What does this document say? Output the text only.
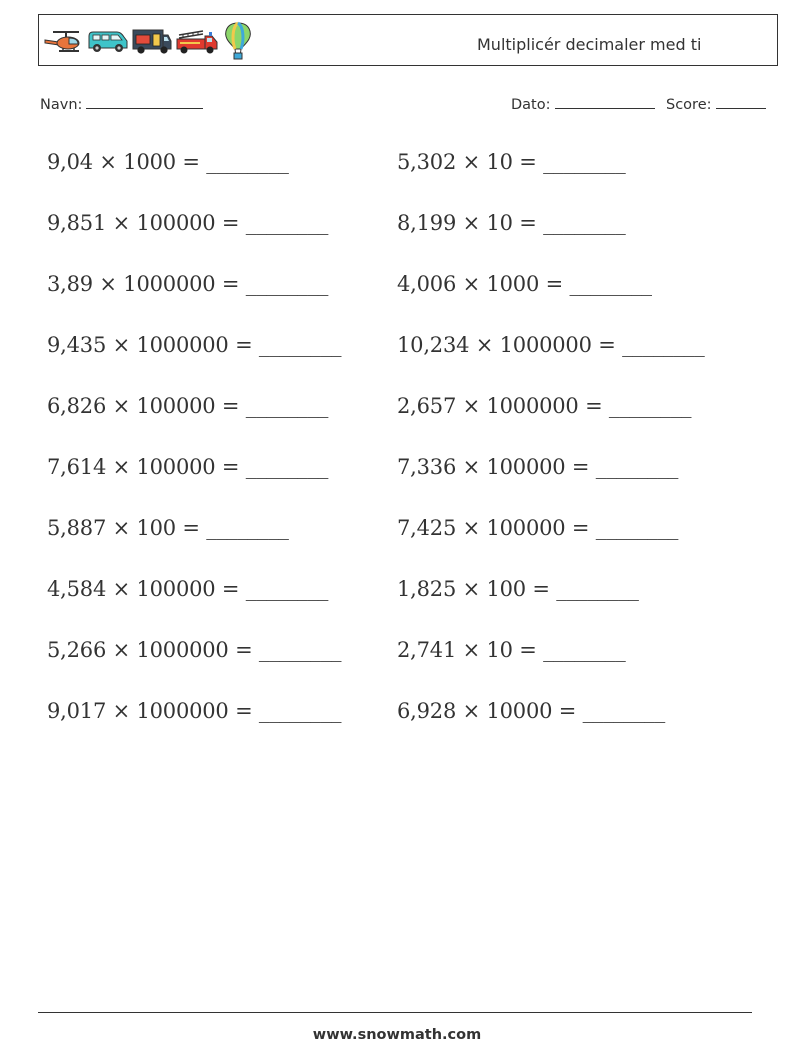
Multiplicér decimaler med ti
Navn:	Dato:	Score:
9,04 × 1000 = ________	5,302 × 10 = ________
9,851 × 100000 = ________	8,199 × 10 = ________
3,89 × 1000000 = ________	4,006 × 1000 = ________
9,435 × 1000000 = ________	10,234 × 1000000 = ________
6,826 × 100000 = ________	2,657 × 1000000 = ________
7,614 × 100000 = ________	7,336 × 100000 = ________
5,887 × 100 = ________	7,425 × 100000 = ________
4,584 × 100000 = ________	1,825 × 100 = ________
5,266 × 1000000 = ________	2,741 × 10 = ________
9,017 × 1000000 = ________	6,928 × 10000 = ________
www.snowmath.com
